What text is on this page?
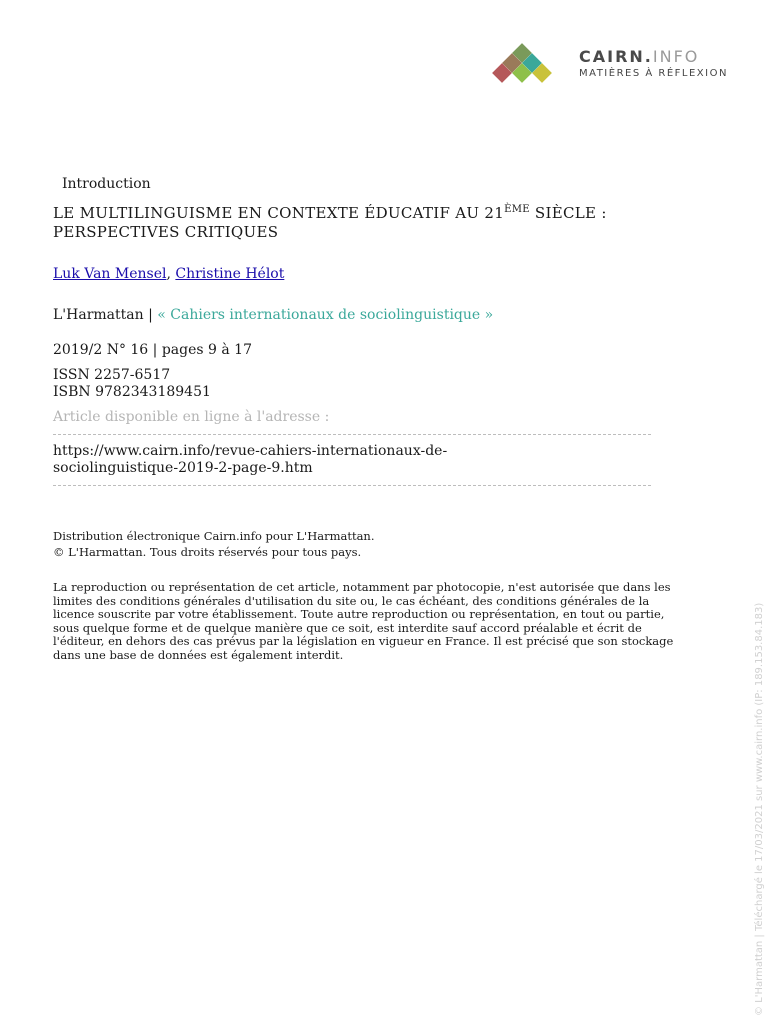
CAIRN.INFO
MATIÈRES À RÉFLEXION
Introduction
LE MULTILINGUISME EN CONTEXTE ÉDUCATIF AU 21ÈME SIÈCLE :
PERSPECTIVES CRITIQUES
Luk Van Mensel, Christine Hélot
L'Harmattan | « Cahiers internationaux de sociolinguistique »
2019/2 N° 16 | pages 9 à 17
ISSN 2257-6517
ISBN 9782343189451
Article disponible en ligne à l'adresse :
https://www.cairn.info/revue-cahiers-internationaux-de-
sociolinguistique-2019-2-page-9.htm
Distribution électronique Cairn.info pour L'Harmattan.
© L'Harmattan. Tous droits réservés pour tous pays.
La reproduction ou représentation de cet article, notamment par photocopie, n'est autorisée que dans les
limites des conditions générales d'utilisation du site ou, le cas échéant, des conditions générales de la
licence souscrite par votre établissement. Toute autre reproduction ou représentation, en tout ou partie,
sous quelque forme et de quelque manière que ce soit, est interdite sauf accord préalable et écrit de
l'éditeur, en dehors des cas prévus par la législation en vigueur en France. Il est précisé que son stockage
dans une base de données est également interdit.	© L'Harmattan | Téléchargé le 17/03/2021 sur www.cairn.info (IP: 189.153.84.183)
